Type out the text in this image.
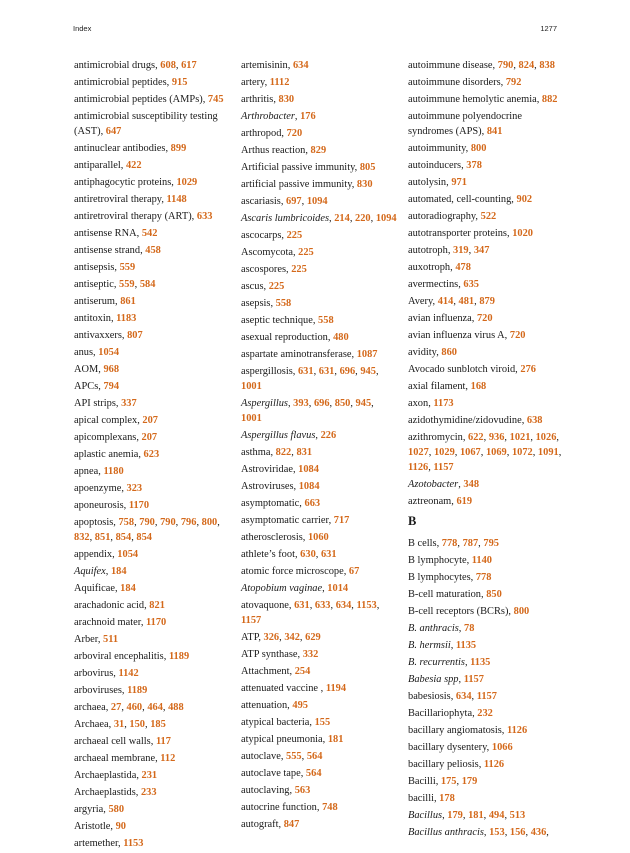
Index	1277
antimicrobial drugs, 608, 617
antimicrobial peptides, 915
antimicrobial peptides (AMPs), 745
antimicrobial susceptibility testing (AST), 647
antinuclear antibodies, 899
antiparallel, 422
antiphagocytic proteins, 1029
antiretroviral therapy, 1148
antiretroviral therapy (ART), 633
antisense RNA, 542
antisense strand, 458
antisepsis, 559
antiseptic, 559, 584
antiserum, 861
antitoxin, 1183
antivaxxers, 807
anus, 1054
AOM, 968
APCs, 794
API strips, 337
apical complex, 207
apicomplexans, 207
aplastic anemia, 623
apnea, 1180
apoenzyme, 323
aponeurosis, 1170
apoptosis, 758, 790, 790, 796, 800, 832, 851, 854, 854
appendix, 1054
Aquifex, 184
Aquificae, 184
arachadonic acid, 821
arachnoid mater, 1170
Arber, 511
arboviral encephalitis, 1189
arbovirus, 1142
arboviruses, 1189
archaea, 27, 460, 464, 488
Archaea, 31, 150, 185
archaeal cell walls, 117
archaeal membrane, 112
Archaeplastida, 231
Archaeplastids, 233
argyria, 580
Aristotle, 90
artemether, 1153
artemisinin, 634
artery, 1112
arthritis, 830
Arthrobacter, 176
arthropod, 720
Arthus reaction, 829
Artificial passive immunity, 805
artificial passive immunity, 830
ascariasis, 697, 1094
Ascaris lumbricoides, 214, 220, 1094
ascocarps, 225
Ascomycota, 225
ascospores, 225
ascus, 225
asepsis, 558
aseptic technique, 558
asexual reproduction, 480
aspartate aminotransferase, 1087
aspergillosis, 631, 631, 696, 945, 1001
Aspergillus, 393, 696, 850, 945, 1001
Aspergillus flavus, 226
asthma, 822, 831
Astroviridae, 1084
Astroviruses, 1084
asymptomatic, 663
asymptomatic carrier, 717
atherosclerosis, 1060
athlete’s foot, 630, 631
atomic force microscope, 67
Atopobium vaginae, 1014
atovaquone, 631, 633, 634, 1153, 1157
ATP, 326, 342, 629
ATP synthase, 332
Attachment, 254
attenuated vaccine , 1194
attenuation, 495
atypical bacteria, 155
atypical pneumonia, 181
autoclave, 555, 564
autoclave tape, 564
autoclaving, 563
autocrine function, 748
autograft, 847
autoimmune disease, 790, 824, 838
autoimmune disorders, 792
autoimmune hemolytic anemia, 882
autoimmune polyendocrine syndromes (APS), 841
autoimmunity, 800
autoinducers, 378
autolysin, 971
automated, cell-counting, 902
autoradiography, 522
autotransporter proteins, 1020
autotroph, 319, 347
auxotroph, 478
avermectins, 635
Avery, 414, 481, 879
avian influenza, 720
avian influenza virus A, 720
avidity, 860
Avocado sunblotch viroid, 276
axial filament, 168
axon, 1173
azidothymidine/zidovudine, 638
azithromycin, 622, 936, 1021, 1026, 1027, 1029, 1067, 1069, 1072, 1091, 1126, 1157
Azotobacter, 348
aztreonam, 619
B
B cells, 778, 787, 795
B lymphocyte, 1140
B lymphocytes, 778
B-cell maturation, 850
B-cell receptors (BCRs), 800
B. anthracis, 78
B. hermsii, 1135
B. recurrentis, 1135
Babesia spp, 1157
babesiosis, 634, 1157
Bacillariophyta, 232
bacillary angiomatosis, 1126
bacillary dysentery, 1066
bacillary peliosis, 1126
Bacilli, 175, 179
bacilli, 178
Bacillus, 179, 181, 494, 513
Bacillus anthracis, 153, 156, 436,
